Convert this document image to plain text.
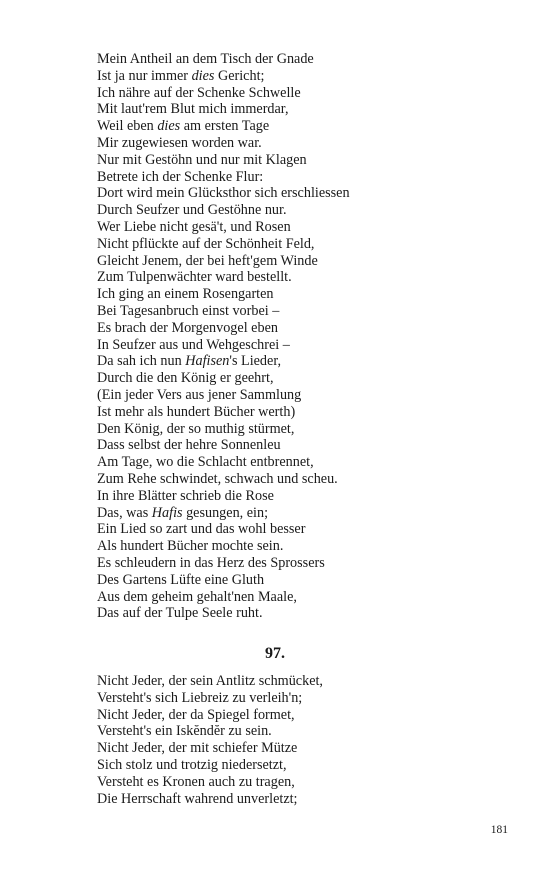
Mein Antheil an dem Tisch der Gnade
Ist ja nur immer dies Gericht;
Ich nähre auf der Schenke Schwelle
Mit laut'rem Blut mich immerdar,
Weil eben dies am ersten Tage
Mir zugewiesen worden war.
Nur mit Gestöhn und nur mit Klagen
Betrete ich der Schenke Flur:
Dort wird mein Glücksthor sich erschliessen
Durch Seufzer und Gestöhne nur.
Wer Liebe nicht gesä't, und Rosen
Nicht pflückte auf der Schönheit Feld,
Gleicht Jenem, der bei heft'gem Winde
Zum Tulpenwächter ward bestellt.
Ich ging an einem Rosengarten
Bei Tagesanbruch einst vorbei –
Es brach der Morgenvogel eben
In Seufzer aus und Wehgeschrei –
Da sah ich nun Hafisen's Lieder,
Durch die den König er geehrt,
(Ein jeder Vers aus jener Sammlung
Ist mehr als hundert Bücher werth)
Den König, der so muthig stürmet,
Dass selbst der hehre Sonnenleu
Am Tage, wo die Schlacht entbrennet,
Zum Rehe schwindet, schwach und scheu.
In ihre Blätter schrieb die Rose
Das, was Hafis gesungen, ein;
Ein Lied so zart und das wohl besser
Als hundert Bücher mochte sein.
Es schleudern in das Herz des Sprossers
Des Gartens Lüfte eine Gluth
Aus dem geheim gehalt'nen Maale,
Das auf der Tulpe Seele ruht.
97.
Nicht Jeder, der sein Antlitz schmücket,
Versteht's sich Liebreiz zu verleih'n;
Nicht Jeder, der da Spiegel formet,
Versteht's ein Iskĕndĕr zu sein.
Nicht Jeder, der mit schiefer Mütze
Sich stolz und trotzig niedersetzt,
Versteht es Kronen auch zu tragen,
Die Herrschaft wahrend unverletzt;
181
